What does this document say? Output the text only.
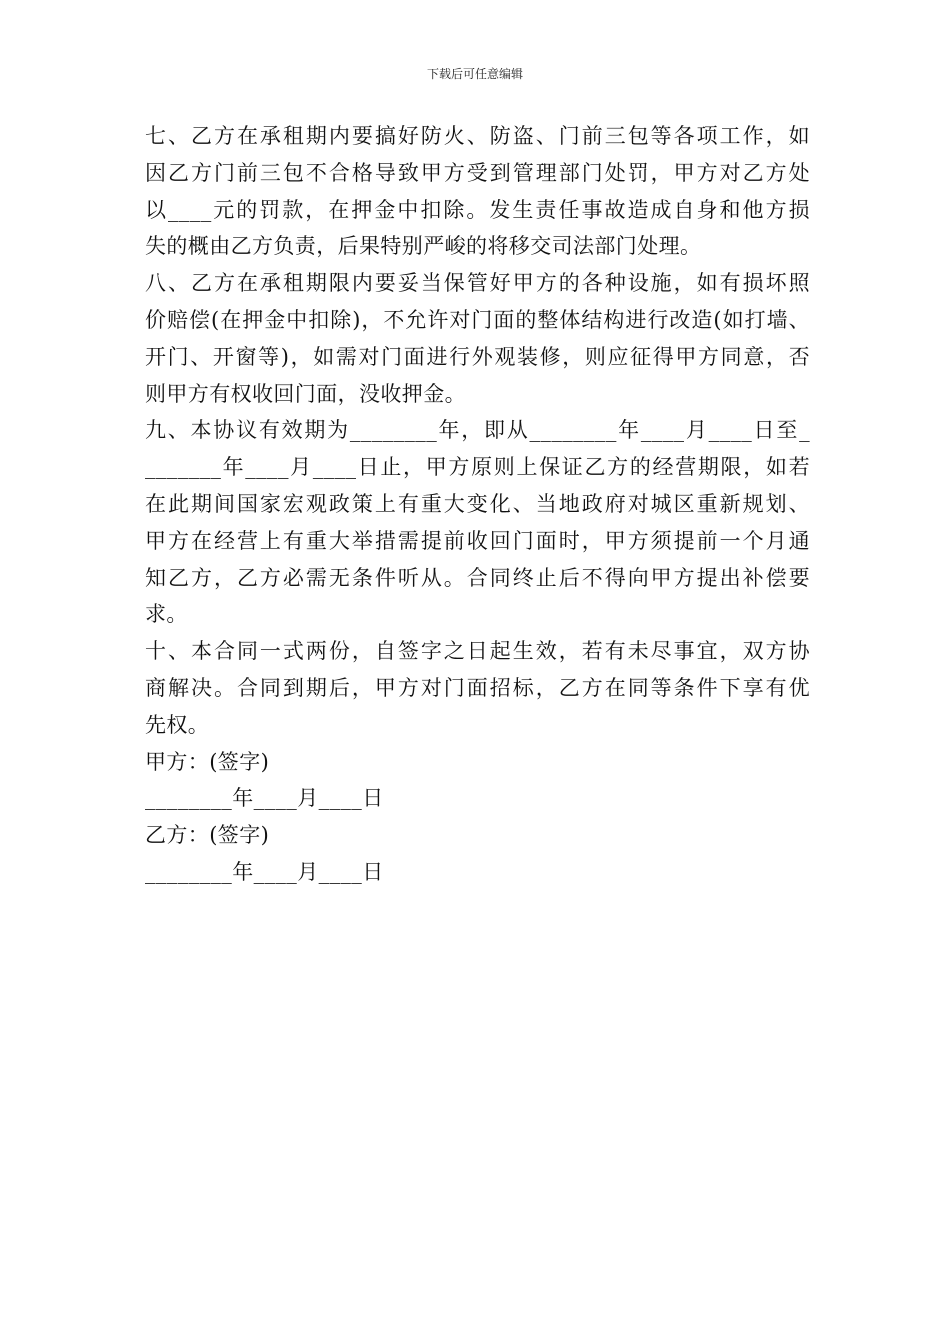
下载后可任意编辑
七、乙方在承租期内要搞好防火、防盗、门前三包等各项工作，如
因乙方门前三包不合格导致甲方受到管理部门处罚，甲方对乙方处
以____元的罚款，在押金中扣除。发生责任事故造成自身和他方损
失的概由乙方负责，后果特别严峻的将移交司法部门处理。
八、乙方在承租期限内要妥当保管好甲方的各种设施，如有损坏照
价赔偿(在押金中扣除)，不允许对门面的整体结构进行改造(如打墙、
开门、开窗等)，如需对门面进行外观装修，则应征得甲方同意，否
则甲方有权收回门面，没收押金。
九、本协议有效期为________年，即从________年____月____日至_
_______年____月____日止，甲方原则上保证乙方的经营期限，如若
在此期间国家宏观政策上有重大变化、当地政府对城区重新规划、
甲方在经营上有重大举措需提前收回门面时，甲方须提前一个月通
知乙方，乙方必需无条件听从。合同终止后不得向甲方提出补偿要
求。
十、本合同一式两份，自签字之日起生效，若有未尽事宜，双方协
商解决。合同到期后，甲方对门面招标，乙方在同等条件下享有优
先权。
甲方：(签字)
________年____月____日
乙方：(签字)
________年____月____日
